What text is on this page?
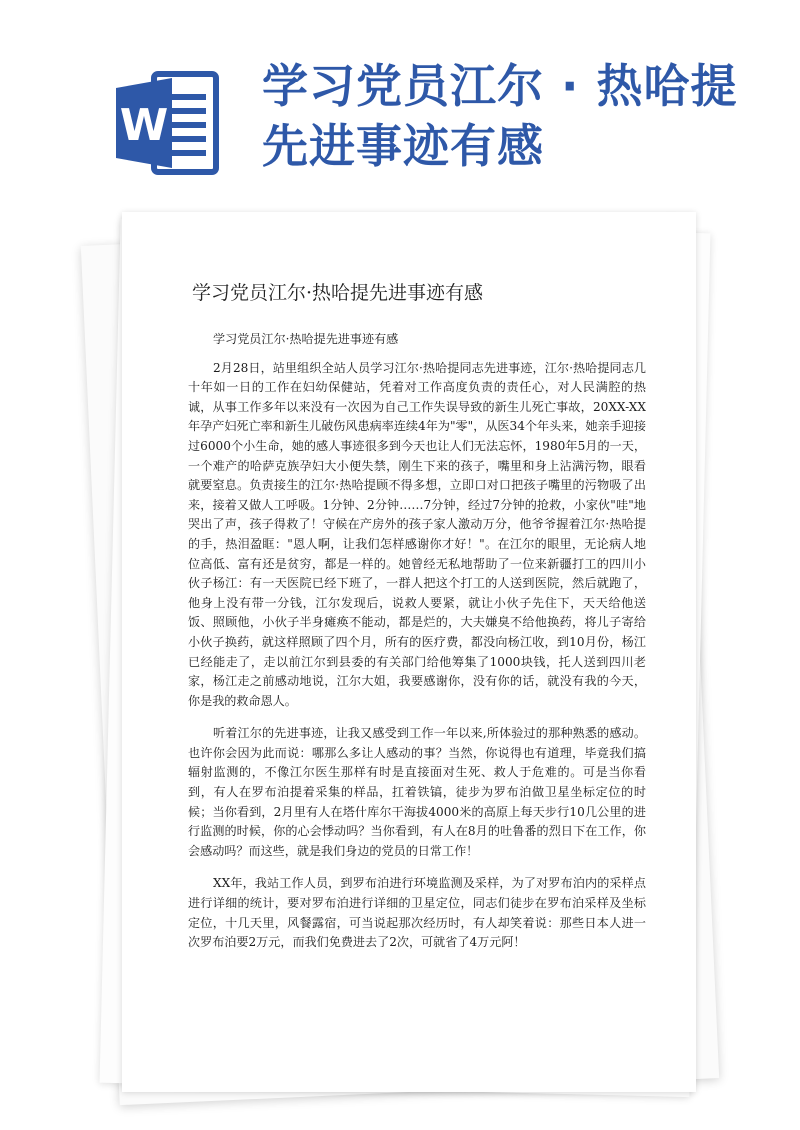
W
学习党员江尔 · 热哈提
先进事迹有感
学习党员江尔·热哈提先进事迹有感

学习党员江尔·热哈提先进事迹有感

2月28日，站里组织全站人员学习江尔·热哈提同志先进事迹，江尔·热哈提同志几十年如一日的工作在妇幼保健站，凭着对工作高度负责的责任心，对人民满腔的热诚，从事工作多年以来没有一次因为自己工作失误导致的新生儿死亡事故，20XX-XX年孕产妇死亡率和新生儿破伤风患病率连续4年为"零"，从医34个年头来，她亲手迎接过6000个小生命，她的感人事迹很多到今天也让人们无法忘怀，1980年5月的一天，一个难产的哈萨克族孕妇大小便失禁，刚生下来的孩子，嘴里和身上沾满污物，眼看就要窒息。负责接生的江尔·热哈提顾不得多想，立即口对口把孩子嘴里的污物吸了出来，接着又做人工呼吸。1分钟、2分钟……7分钟，经过7分钟的抢救，小家伙"哇"地哭出了声，孩子得救了！守候在产房外的孩子家人激动万分，他爷爷握着江尔·热哈提的手，热泪盈眶："恩人啊，让我们怎样感谢你才好！"。在江尔的眼里，无论病人地位高低、富有还是贫穷，都是一样的。她曾经无私地帮助了一位来新疆打工的四川小伙子杨江：有一天医院已经下班了，一群人把这个打工的人送到医院，然后就跑了，他身上没有带一分钱，江尔发现后，说救人要紧，就让小伙子先住下，天天给他送饭、照顾他，小伙子半身瘫痪不能动，都是烂的，大夫嫌臭不给他换药，将儿子寄给小伙子换药，就这样照顾了四个月，所有的医疗费，都没向杨江收，到10月份，杨江已经能走了，走以前江尔到县委的有关部门给他筹集了1000块钱，托人送到四川老家，杨江走之前感动地说，江尔大姐，我要感谢你，没有你的话，就没有我的今天，你是我的救命恩人。

听着江尔的先进事迹，让我又感受到工作一年以来,所体验过的那种熟悉的感动。也许你会因为此而说：哪那么多让人感动的事？当然，你说得也有道理，毕竟我们搞辐射监测的，不像江尔医生那样有时是直接面对生死、救人于危难的。可是当你看到，有人在罗布泊提着采集的样品，扛着铁镐，徒步为罗布泊做卫星坐标定位的时候；当你看到，2月里有人在塔什库尔干海拔4000米的高原上每天步行10几公里的进行监测的时候，你的心会悸动吗？当你看到，有人在8月的吐鲁番的烈日下在工作，你会感动吗？而这些，就是我们身边的党员的日常工作！

XX年，我站工作人员，到罗布泊进行环境监测及采样，为了对罗布泊内的采样点进行详细的统计，要对罗布泊进行详细的卫星定位，同志们徒步在罗布泊采样及坐标定位，十几天里，风餐露宿，可当说起那次经历时，有人却笑着说：那些日本人进一次罗布泊要2万元，而我们免费进去了2次，可就省了4万元阿！
